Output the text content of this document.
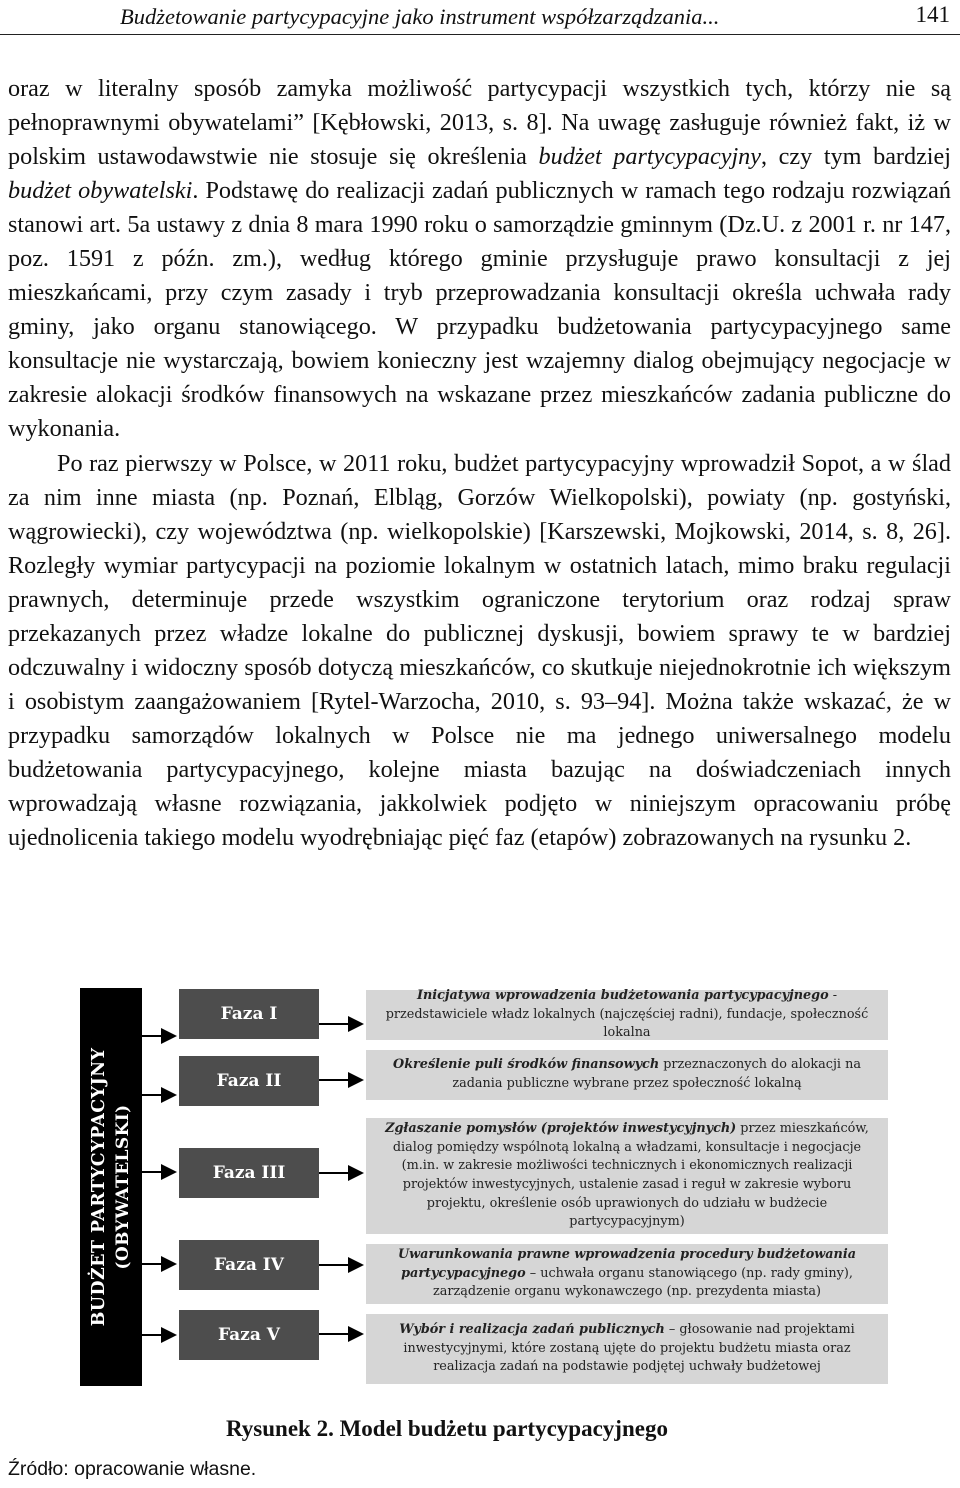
Budżetowanie partycypacyjne jako instrument współzarządzania...	141

oraz w literalny sposób zamyka możliwość partycypacji wszystkich tych, którzy nie są pełnoprawnymi obywatelami” [Kębłowski, 2013, s. 8]. Na uwagę zasługuje również fakt, iż w polskim ustawodawstwie nie stosuje się określenia budżet partycypacyjny, czy tym bardziej budżet obywatelski. Podstawę do realizacji zadań publicznych w ramach tego rodzaju rozwiązań stanowi art. 5a ustawy z dnia 8 mara 1990 roku o samorządzie gminnym (Dz.U. z 2001 r. nr 147, poz. 1591 z późn. zm.), według którego gminie przysługuje prawo konsultacji z jej mieszkańcami, przy czym zasady i tryb przeprowadzania konsultacji określa uchwała rady gminy, jako organu stanowiącego. W przypadku budżetowania partycypacyjnego same konsultacje nie wystarczają, bowiem konieczny jest wzajemny dialog obejmujący negocjacje w zakresie alokacji środków finansowych na wskazane przez mieszkańców zadania publiczne do wykonania.

Po raz pierwszy w Polsce, w 2011 roku, budżet partycypacyjny wprowadził Sopot, a w ślad za nim inne miasta (np. Poznań, Elbląg, Gorzów Wielkopolski), powiaty (np. gostyński, wągrowiecki), czy województwa (np. wielkopolskie) [Karszewski, Mojkowski, 2014, s. 8, 26]. Rozległy wymiar partycypacji na poziomie lokalnym w ostatnich latach, mimo braku regulacji prawnych, determinuje przede wszystkim ograniczone terytorium oraz rodzaj spraw przekazanych przez władze lokalne do publicznej dyskusji, bowiem sprawy te w bardziej odczuwalny i widoczny sposób dotyczą mieszkańców, co skutkuje niejednokrotnie ich większym i osobistym zaangażowaniem [Rytel-Warzocha, 2010, s. 93–94]. Można także wskazać, że w przypadku samorządów lokalnych w Polsce nie ma jednego uniwersalnego modelu budżetowania partycypacyjnego, kolejne miasta bazując na doświadczeniach innych wprowadzają własne rozwiązania, jakkolwiek podjęto w niniejszym opracowaniu próbę ujednolicenia takiego modelu wyodrębniając pięć faz (etapów) zobrazowanych na rysunku 2.

BUDŻET PARTYCYPACYJNY (OBYWATELSKI)
Faza I
Faza II
Faza III
Faza IV
Faza V
Inicjatywa wprowadzenia budżetowania partycypacyjnego - przedstawiciele władz lokalnych (najczęściej radni), fundacje, społeczność lokalna
Określenie puli środków finansowych przeznaczonych do alokacji na zadania publiczne wybrane przez społeczność lokalną
Zgłaszanie pomysłów (projektów inwestycyjnych) przez mieszkańców, dialog pomiędzy wspólnotą lokalną a władzami, konsultacje i negocjacje (m.in. w zakresie możliwości technicznych i ekonomicznych realizacji projektów inwestycyjnych, ustalenie zasad i reguł w zakresie wyboru projektu, określenie osób uprawionych do udziału w budżecie partycypacyjnym)
Uwarunkowania prawne wprowadzenia procedury budżetowania partycypacyjnego – uchwała organu stanowiącego (np. rady gminy), zarządzenie organu wykonawczego (np. prezydenta miasta)
Wybór i realizacja zadań publicznych – głosowanie nad projektami inwestycyjnymi, które zostaną ujęte do projektu budżetu miasta oraz realizacja zadań na podstawie podjętej uchwały budżetowej
Rysunek 2. Model budżetu partycypacyjnego
Źródło: opracowanie własne.
